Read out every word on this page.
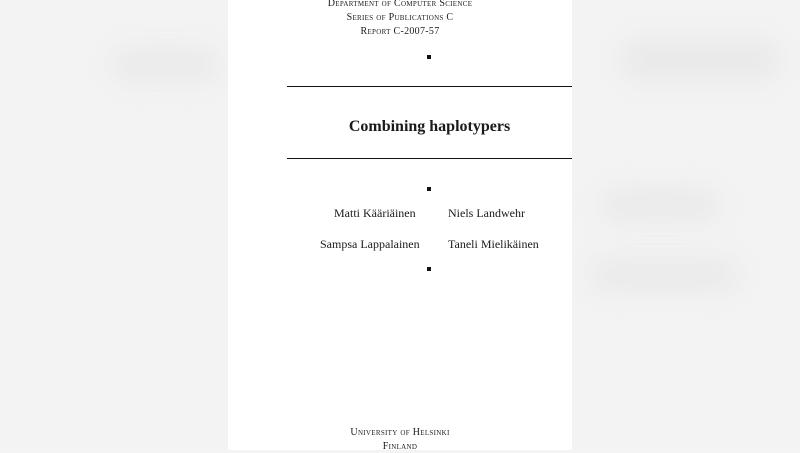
Department of Computer Science
Series of Publications C
Report C-2007-57
Combining haplotypers
Matti Kääriäinen	Niels Landwehr
Sampsa Lappalainen Taneli Mielikäinen
University of Helsinki
Finland
